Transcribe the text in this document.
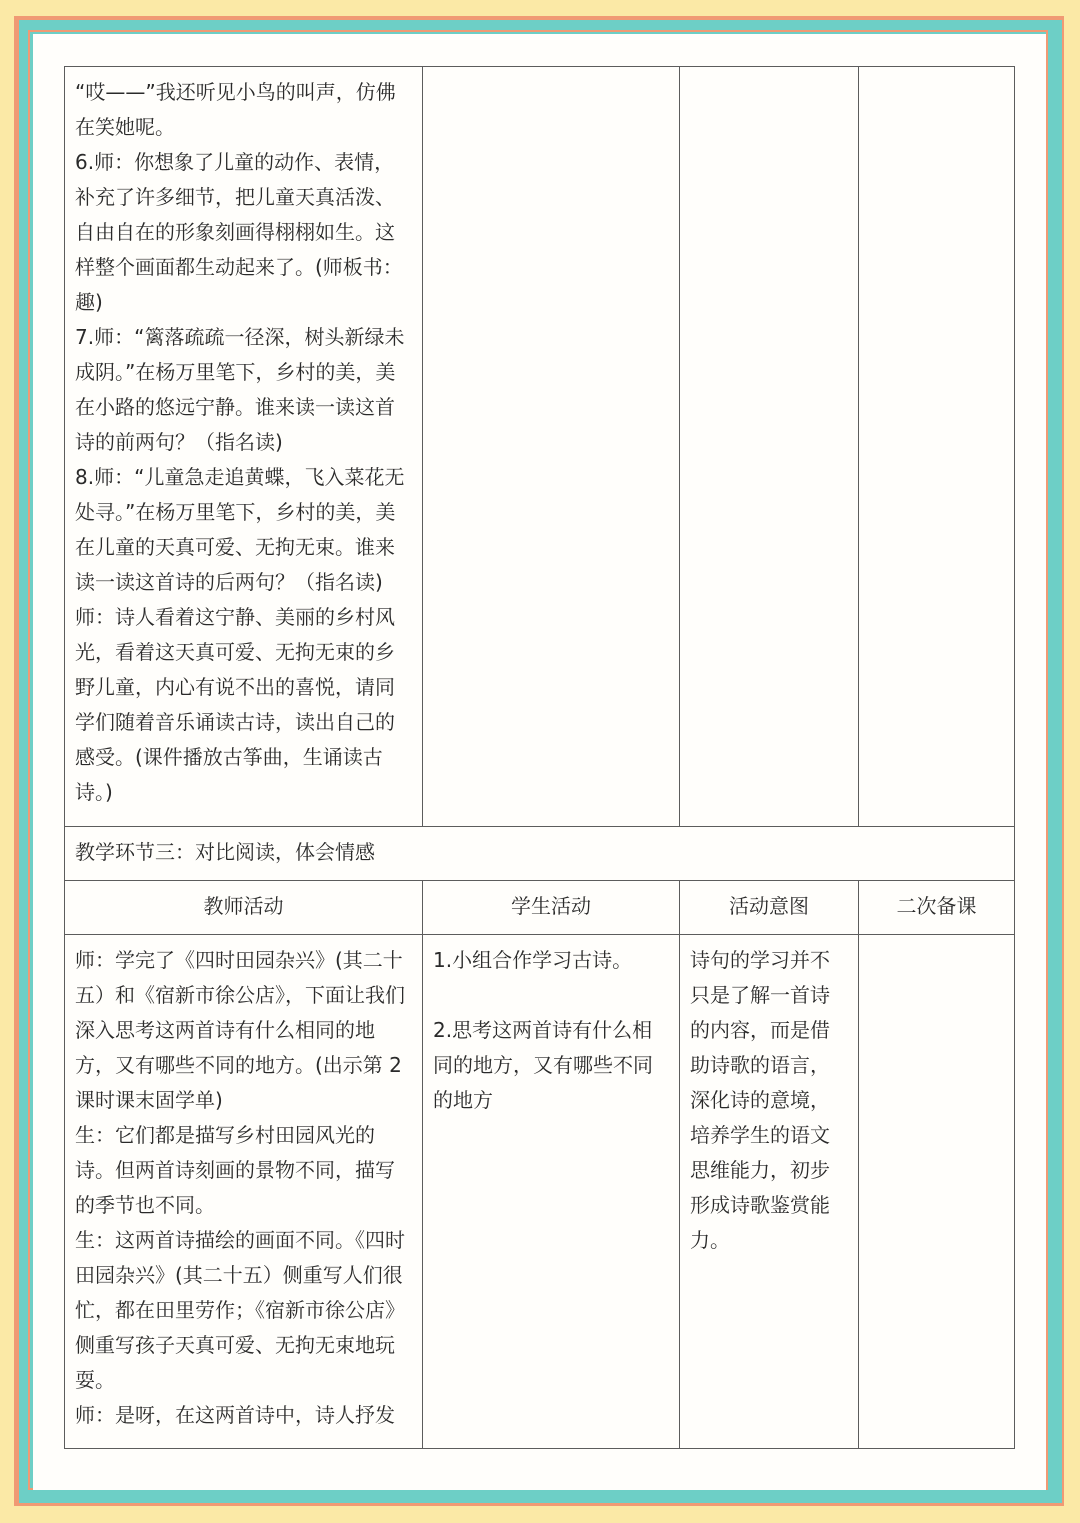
“哎——”我还听见小鸟的叫声，仿佛在笑她呢。
6.师：你想象了儿童的动作、表情，补充了许多细节，把儿童天真活泼、自由自在的形象刻画得栩栩如生。这样整个画面都生动起来了。(师板书：趣)
7.师：“篱落疏疏一径深，树头新绿未成阴。”在杨万里笔下，乡村的美，美在小路的悠远宁静。谁来读一读这首诗的前两句？（指名读)
8.师：“儿童急走追黄蝶，飞入菜花无处寻。”在杨万里笔下，乡村的美，美在儿童的天真可爱、无拘无束。谁来读一读这首诗的后两句？（指名读)
师：诗人看着这宁静、美丽的乡村风光，看着这天真可爱、无拘无束的乡野儿童，内心有说不出的喜悦，请同学们随着音乐诵读古诗，读出自己的感受。(课件播放古筝曲，生诵读古诗。)			

教学环节三：对比阅读，体会情感			
教师活动	学生活动	活动意图	二次备课

师：学完了《四时田园杂兴》(其二十五）和《宿新市徐公店》，下面让我们深入思考这两首诗有什么相同的地方，又有哪些不同的地方。(出示第 2 课时课末固学单)
生：它们都是描写乡村田园风光的诗。但两首诗刻画的景物不同，描写的季节也不同。
生：这两首诗描绘的画面不同。《四时田园杂兴》(其二十五）侧重写人们很忙，都在田里劳作；《宿新市徐公店》侧重写孩子天真可爱、无拘无束地玩耍。
师：是呀，在这两首诗中，诗人抒发	1.小组合作学习古诗。
2.思考这两首诗有什么相同的地方，又有哪些不同的地方	诗句的学习并不只是了解一首诗的内容，而是借助诗歌的语言，深化诗的意境，培养学生的语文思维能力，初步形成诗歌鉴赏能力。	
